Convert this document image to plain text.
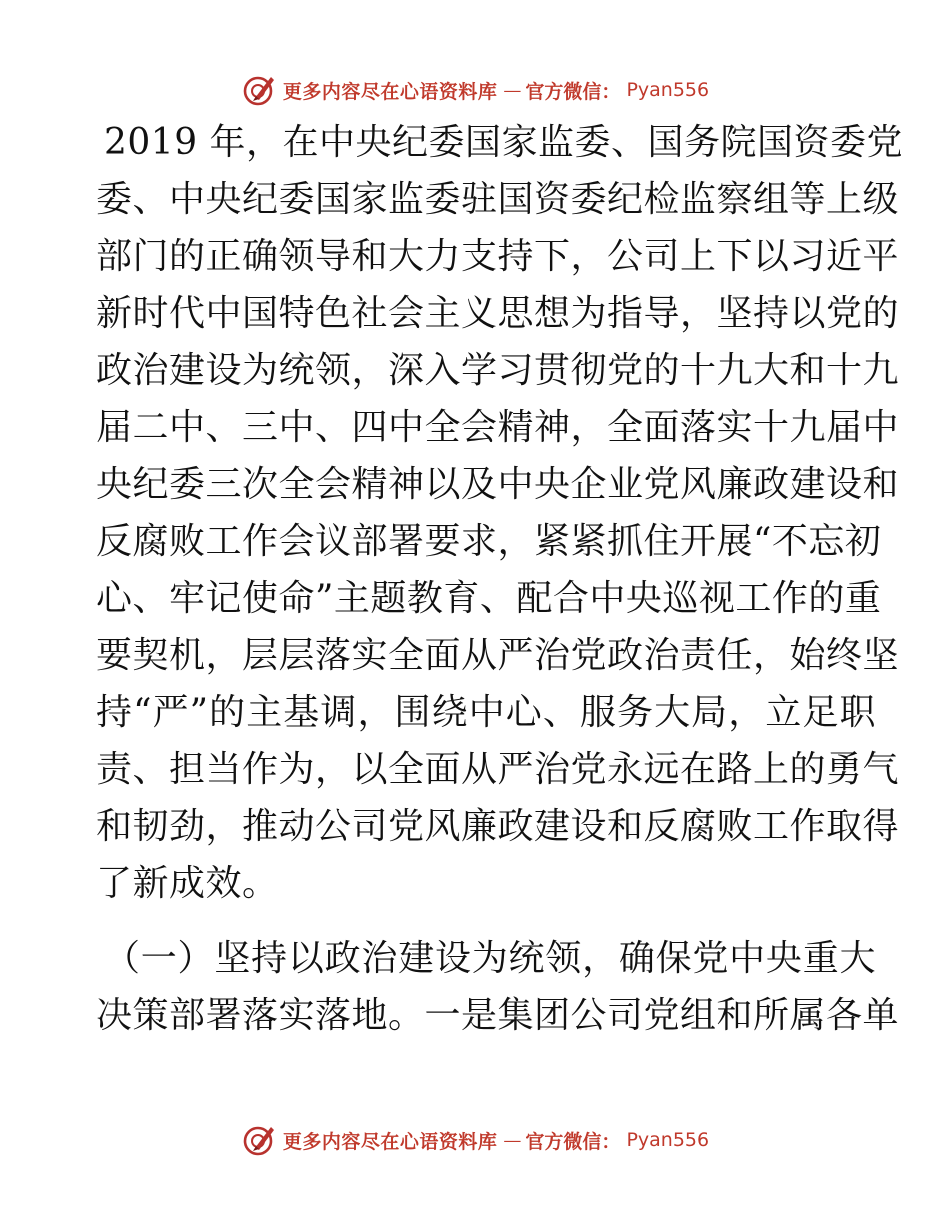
更多内容尽在心语资料库 — 官方微信： Pyan556
2019 年，在中央纪委国家监委、国务院国资委党
委、中央纪委国家监委驻国资委纪检监察组等上级
部门的正确领导和大力支持下，公司上下以习近平
新时代中国特色社会主义思想为指导，坚持以党的
政治建设为统领，深入学习贯彻党的十九大和十九
届二中、三中、四中全会精神，全面落实十九届中
央纪委三次全会精神以及中央企业党风廉政建设和
反腐败工作会议部署要求，紧紧抓住开展“不忘初
心、牢记使命”主题教育、配合中央巡视工作的重
要契机，层层落实全面从严治党政治责任，始终坚
持“严”的主基调，围绕中心、服务大局，立足职
责、担当作为，以全面从严治党永远在路上的勇气
和韧劲，推动公司党风廉政建设和反腐败工作取得
了新成效。
（一）坚持以政治建设为统领，确保党中央重大
决策部署落实落地。一是集团公司党组和所属各单
更多内容尽在心语资料库 — 官方微信： Pyan556
